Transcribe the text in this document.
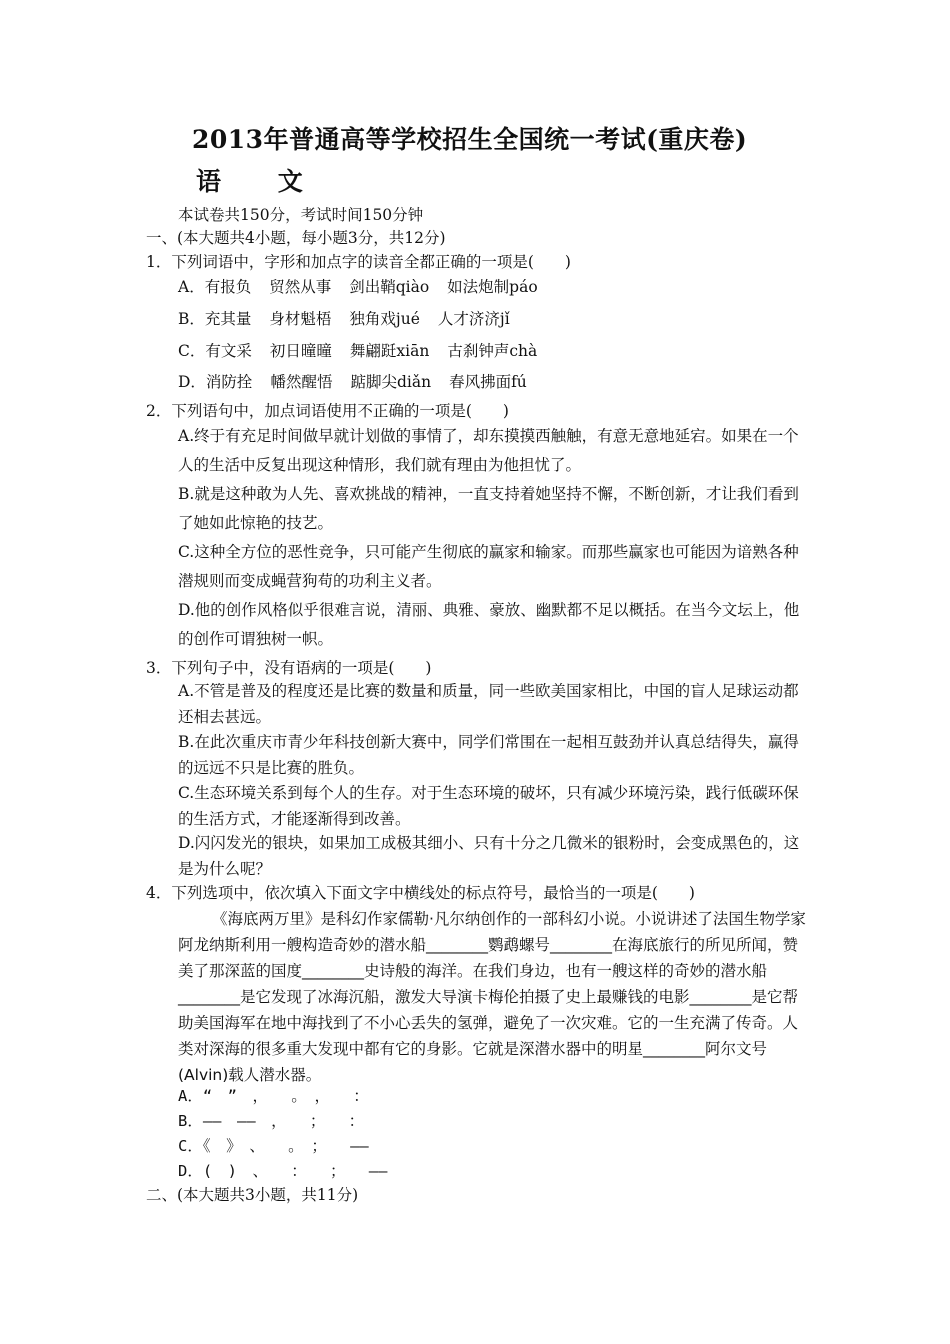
2013年普通高等学校招生全国统一考试(重庆卷)
语 文
本试卷共150分，考试时间150分钟
一、(本大题共4小题，每小题3分，共12分)
1．下列词语中，字形和加点字的读音全都正确的一项是(　　)
A．有报负 贸然从事 剑出鞘qiào 如法炮制páo
B．充其量 身材魁梧 独角戏jué 人才济济jǐ
C．有文采 初日曈曈 舞翩跹xiān 古刹钟声chà
D．消防拴 幡然醒悟 踮脚尖diǎn 春风拂面fú
2．下列语句中，加点词语使用不正确的一项是(　　)
A.终于有充足时间做早就计划做的事情了，却东摸摸西触触，有意无意地延宕。如果在一个人的生活中反复出现这种情形，我们就有理由为他担忧了。
B.就是这种敢为人先、喜欢挑战的精神，一直支持着她坚持不懈，不断创新，才让我们看到了她如此惊艳的技艺。
C.这种全方位的恶性竞争，只可能产生彻底的赢家和输家。而那些赢家也可能因为谙熟各种潜规则而变成蝇营狗苟的功利主义者。
D.他的创作风格似乎很难言说，清丽、典雅、豪放、幽默都不足以概括。在当今文坛上，他的创作可谓独树一帜。
3．下列句子中，没有语病的一项是(　　)
A.不管是普及的程度还是比赛的数量和质量，同一些欧美国家相比，中国的盲人足球运动都还相去甚远。
B.在此次重庆市青少年科技创新大赛中，同学们常围在一起相互鼓劲并认真总结得失，赢得的远远不只是比赛的胜负。
C.生态环境关系到每个人的生存。对于生态环境的破坏，只有减少环境污染，践行低碳环保的生活方式，才能逐渐得到改善。
D.闪闪发光的银块，如果加工成极其细小、只有十分之几微米的银粉时，会变成黑色的，这是为什么呢？
4．下列选项中，依次填入下面文字中横线处的标点符号，最恰当的一项是(　　)
《海底两万里》是科幻作家儒勒·凡尔纳创作的一部科幻小说。小说讲述了法国生物学家阿龙纳斯利用一艘构造奇妙的潜水船________鹦鹉螺号________在海底旅行的所见所闻，赞美了那深蓝的国度________史诗般的海洋。在我们身边，也有一艘这样的奇妙的潜水船________是它发现了冰海沉船，激发大导演卡梅伦拍摄了史上最赚钱的电影________是它帮助美国海军在地中海找到了不小心丢失的氢弹，避免了一次灾难。它的一生充满了传奇。人类对深海的很多重大发现中都有它的身影。它就是深潜水器中的明星________阿尔文号(Alvin)载人潜水器。
A．“　”　，　　。　，　　：
B．——　——　，　　；　　：
C．《　》　、　　。　；　　——
D．(　)　、　　：　　；　　——
二、(本大题共3小题，共11分)
